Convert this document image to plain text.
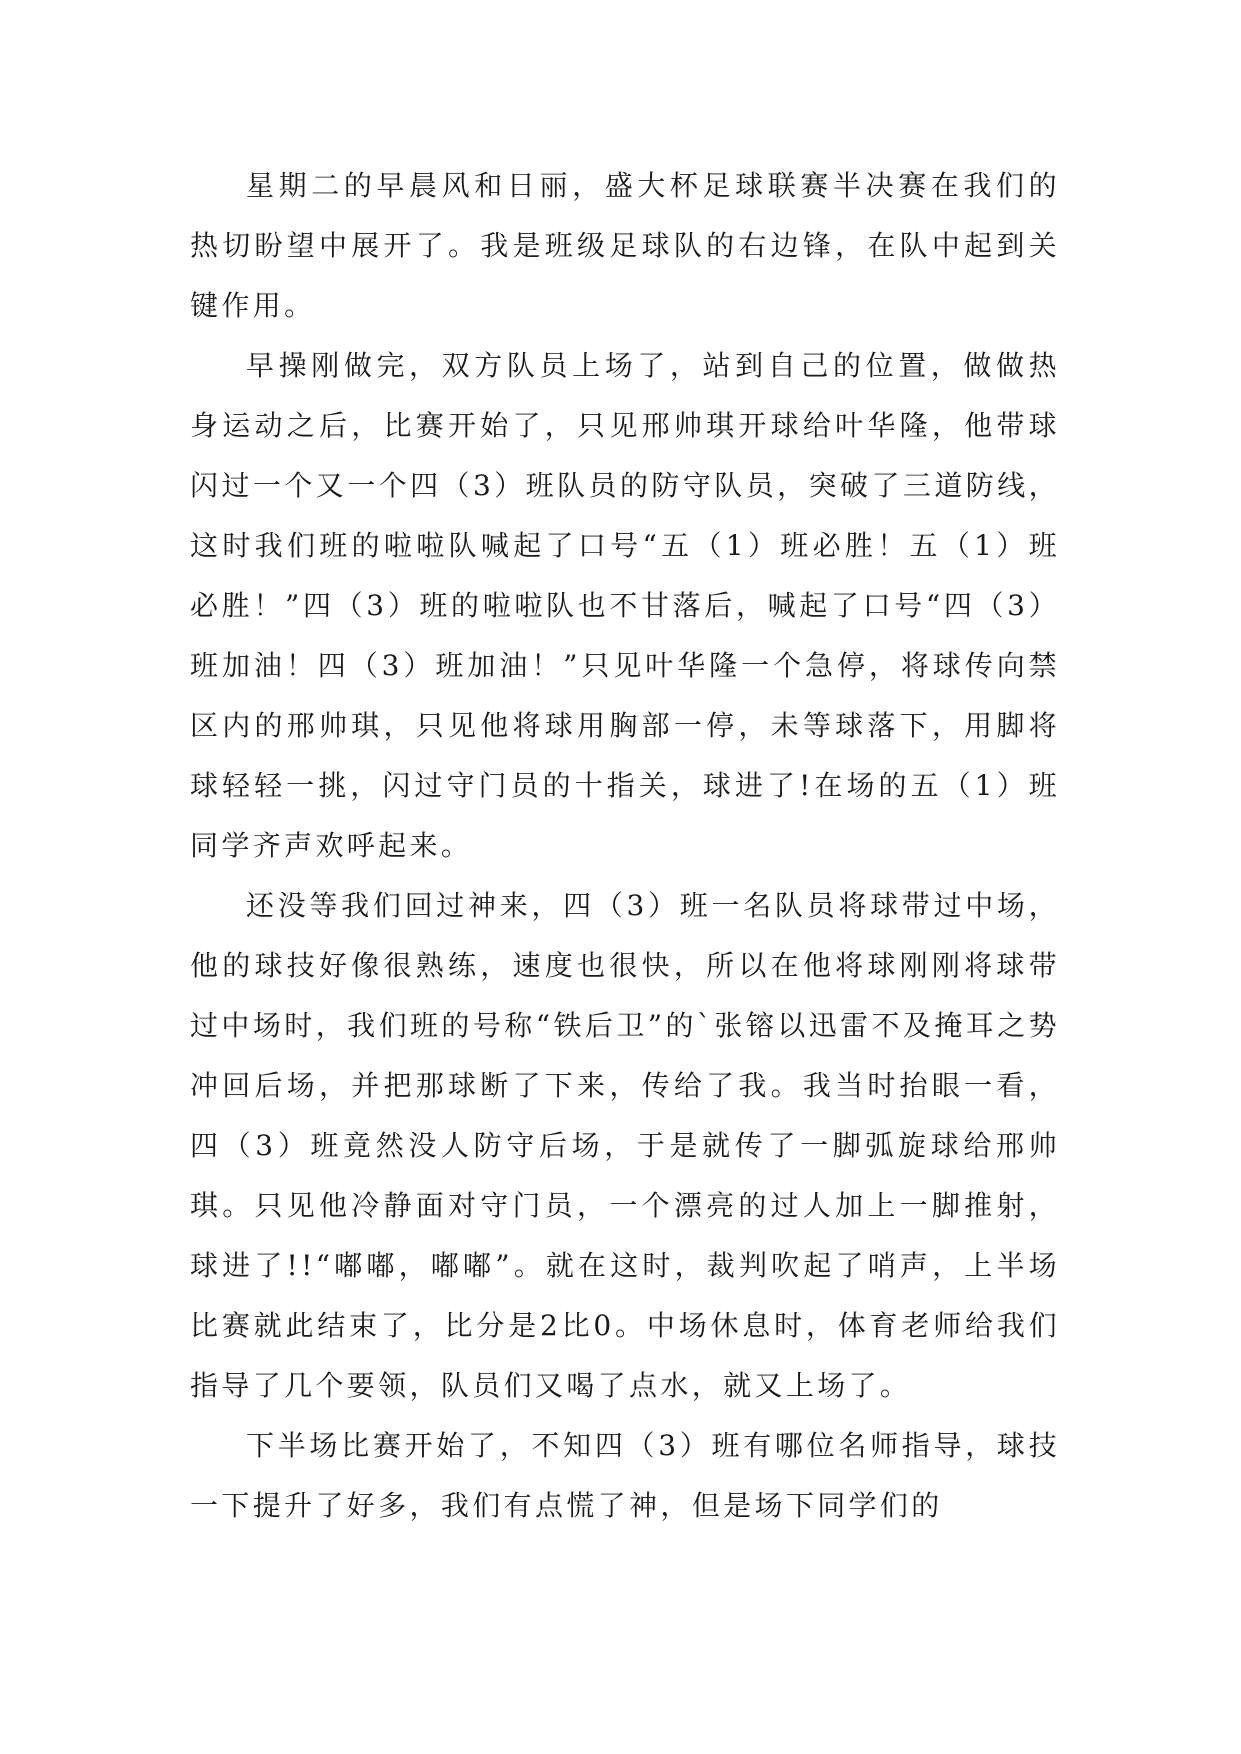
星期二的早晨风和日丽，盛大杯足球联赛半决赛在我们的热切盼望中展开了。我是班级足球队的右边锋，在队中起到关键作用。

早操刚做完，双方队员上场了，站到自己的位置，做做热身运动之后，比赛开始了，只见邢帅琪开球给叶华隆，他带球闪过一个又一个四（3）班队员的防守队员，突破了三道防线，这时我们班的啦啦队喊起了口号“五（1）班必胜！五（1）班必胜！”四（3）班的啦啦队也不甘落后，喊起了口号“四（3）班加油！四（3）班加油！”只见叶华隆一个急停，将球传向禁区内的邢帅琪，只见他将球用胸部一停，未等球落下，用脚将球轻轻一挑，闪过守门员的十指关，球进了!在场的五（1）班同学齐声欢呼起来。

还没等我们回过神来，四（3）班一名队员将球带过中场，他的球技好像很熟练，速度也很快，所以在他将球刚刚将球带过中场时，我们班的号称“铁后卫”的`张镕以迅雷不及掩耳之势冲回后场，并把那球断了下来，传给了我。我当时抬眼一看，四（3）班竟然没人防守后场，于是就传了一脚弧旋球给邢帅琪。只见他冷静面对守门员，一个漂亮的过人加上一脚推射，球进了!!“嘟嘟，嘟嘟”。就在这时，裁判吹起了哨声，上半场比赛就此结束了，比分是2比0。中场休息时，体育老师给我们指导了几个要领，队员们又喝了点水，就又上场了。

下半场比赛开始了，不知四（3）班有哪位名师指导，球技一下提升了好多，我们有点慌了神，但是场下同学们的
